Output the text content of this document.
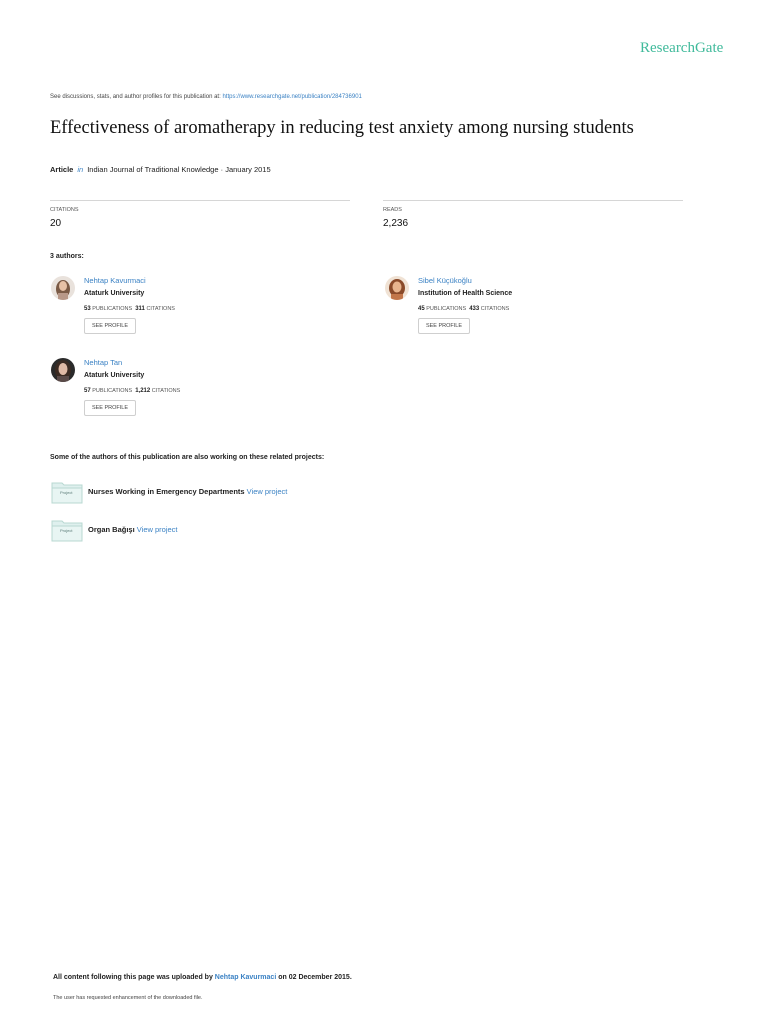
ResearchGate
See discussions, stats, and author profiles for this publication at: https://www.researchgate.net/publication/284736901
Effectiveness of aromatherapy in reducing test anxiety among nursing students
Article in Indian Journal of Traditional Knowledge · January 2015
CITATIONS
20
READS
2,236
3 authors:
Nehtap Kavurmaci
Ataturk University
53 PUBLICATIONS 311 CITATIONS
SEE PROFILE
Sibel Küçükoğlu
Institution of Health Science
45 PUBLICATIONS 433 CITATIONS
SEE PROFILE
Nehtap Tan
Ataturk University
57 PUBLICATIONS 1,212 CITATIONS
SEE PROFILE
Some of the authors of this publication are also working on these related projects:
Project Nurses Working in Emergency Departments View project
Project Organ Bağışı View project
All content following this page was uploaded by Nehtap Kavurmaci on 02 December 2015.
The user has requested enhancement of the downloaded file.
